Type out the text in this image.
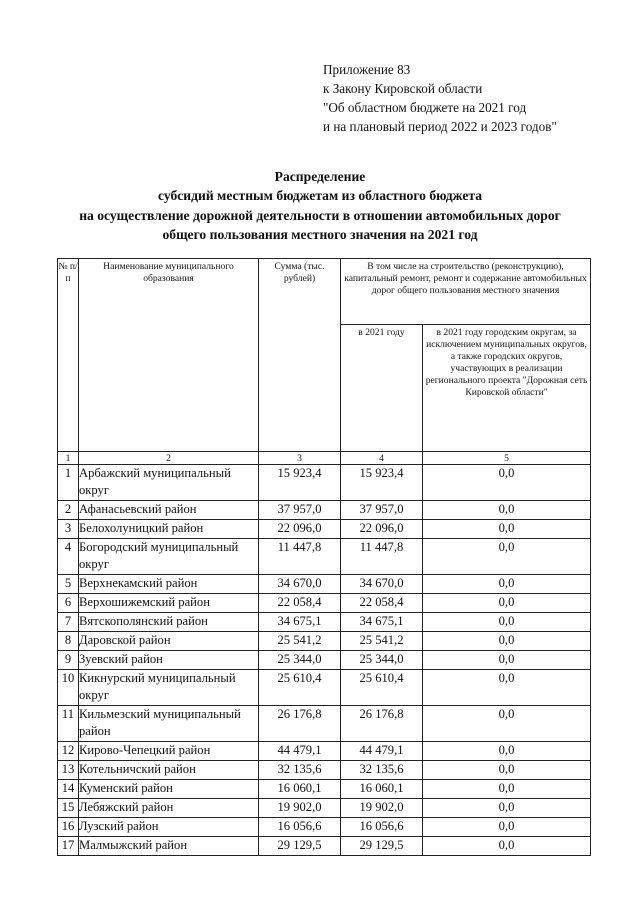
Приложение 83
к Закону Кировской области
"Об областном бюджете на 2021 год
и на плановый период 2022 и 2023 годов"
Распределение
субсидий местным бюджетам из областного бюджета
на осуществление дорожной деятельности в отношении автомобильных дорог
общего пользования местного значения на 2021 год
№ п/п	Наименование муниципального образования	Сумма (тыс. рублей)	В том числе на строительство (реконструкцию), капитальный ремонт, ремонт и содержание автомобильных дорог общего пользования местного значения	
			в 2021 году	в 2021 году городским округам, за исключением муниципальных округов, а также городских округов, участвующих в реализации регионального проекта "Дорожная сеть Кировской области"
1	2	3	4	5
1	Арбажский муниципальный округ	15 923,4	15 923,4	0,0
2	Афанасьевский район	37 957,0	37 957,0	0,0
3	Белохолуницкий район	22 096,0	22 096,0	0,0
4	Богородский муниципальный округ	11 447,8	11 447,8	0,0
5	Верхнекамский район	34 670,0	34 670,0	0,0
6	Верхошижемский район	22 058,4	22 058,4	0,0
7	Вятскополянский район	34 675,1	34 675,1	0,0
8	Даровской район	25 541,2	25 541,2	0,0
9	Зуевский район	25 344,0	25 344,0	0,0
10	Кикнурский муниципальный округ	25 610,4	25 610,4	0,0
11	Кильмезский муниципальный район	26 176,8	26 176,8	0,0
12	Кирово-Чепецкий район	44 479,1	44 479,1	0,0
13	Котельничский район	32 135,6	32 135,6	0,0
14	Куменский район	16 060,1	16 060,1	0,0
15	Лебяжский район	19 902,0	19 902,0	0,0
16	Лузский район	16 056,6	16 056,6	0,0
17	Малмыжский район	29 129,5	29 129,5	0,0
